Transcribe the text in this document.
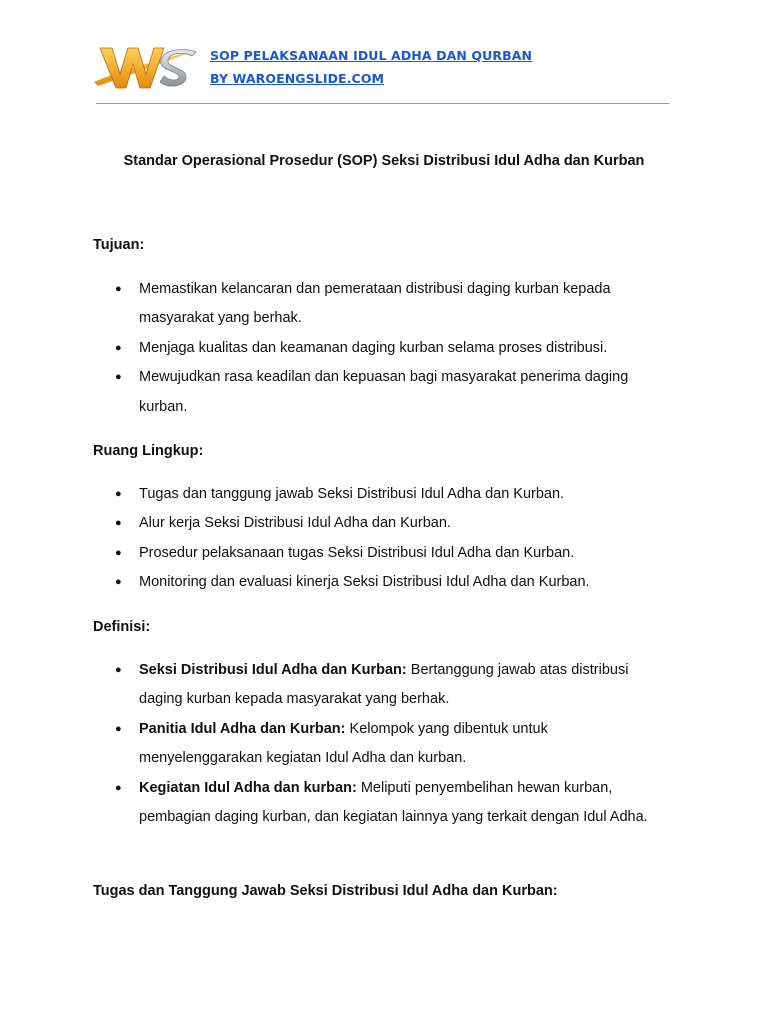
SOP PELAKSANAAN IDUL ADHA DAN QURBAN
BY WAROENGSLIDE.COM
Standar Operasional Prosedur (SOP) Seksi Distribusi Idul Adha dan Kurban
Tujuan:
● Memastikan kelancaran dan pemerataan distribusi daging kurban kepada masyarakat yang berhak.
● Menjaga kualitas dan keamanan daging kurban selama proses distribusi.
● Mewujudkan rasa keadilan dan kepuasan bagi masyarakat penerima daging kurban.
Ruang Lingkup:
● Tugas dan tanggung jawab Seksi Distribusi Idul Adha dan Kurban.
● Alur kerja Seksi Distribusi Idul Adha dan Kurban.
● Prosedur pelaksanaan tugas Seksi Distribusi Idul Adha dan Kurban.
● Monitoring dan evaluasi kinerja Seksi Distribusi Idul Adha dan Kurban.
Definisi:
● Seksi Distribusi Idul Adha dan Kurban: Bertanggung jawab atas distribusi daging kurban kepada masyarakat yang berhak.
● Panitia Idul Adha dan Kurban: Kelompok yang dibentuk untuk menyelenggarakan kegiatan Idul Adha dan kurban.
● Kegiatan Idul Adha dan kurban: Meliputi penyembelihan hewan kurban, pembagian daging kurban, dan kegiatan lainnya yang terkait dengan Idul Adha.
Tugas dan Tanggung Jawab Seksi Distribusi Idul Adha dan Kurban:
